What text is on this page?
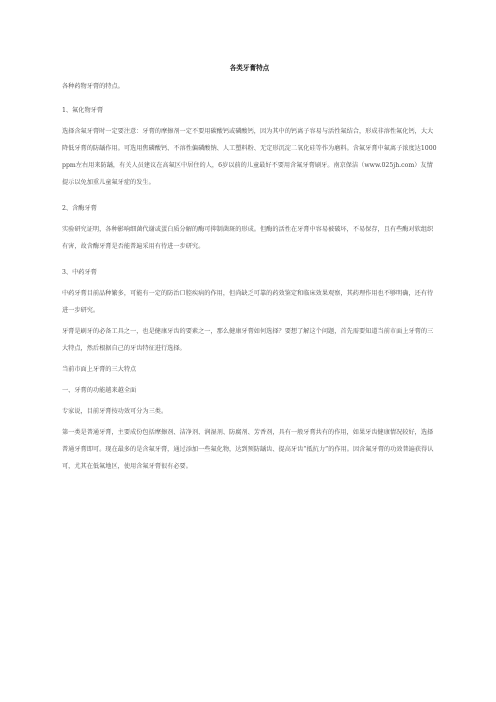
各类牙膏特点

各种药物牙膏的特点。

1、氟化物牙膏

选择含氟牙膏时一定要注意：牙膏的摩擦剂一定不要用碳酸钙或磷酸钙，因为其中的钙离子容易与活性氟结合，形成非溶性氟化钙，大大降低牙膏的防龋作用。可选用焦磷酸钙、不溶性偏磷酸钠、人工塑料粉、无定形沉淀二氧化硅等作为磨料。含氟牙膏中氟离子浓度达1000ppm左右用来防龋，有关人员建议在高氟区中居住的人，6岁以前的儿童最好不要用含氟牙膏刷牙。南京保洁（www.025jh.com）友情提示以免加重儿童氟牙症的发生。

2、含酶牙膏

实验研究证明，各种影响细菌代谢或蛋白质分解的酶可抑制菌斑的形成。但酶的活性在牙膏中容易被破坏，不易保存，且有些酶对软组织有害，故含酶牙膏是否能普遍采用有待进一步研究。

3、中药牙膏

中药牙膏目前品种繁多，可能有一定的防治口腔疾病的作用，但尚缺乏可靠的药效鉴定和临床效果观察，其药理作用也不够明确，还有待进一步研究。

牙膏是刷牙的必备工具之一，也是健康牙齿的要素之一，那么健康牙膏如何选择？要想了解这个问题，首先需要知道当前市面上牙膏的三大特点，然后根据自己的牙齿特征进行选择。

当前市面上牙膏的三大特点

一、牙膏的功能越来越全面

专家说，目前牙膏按功效可分为三类。

第一类是普通牙膏，主要成份包括摩擦剂、洁净剂、润湿剂、防腐剂、芳香剂，具有一般牙膏共有的作用，如果牙齿健康情况较好，选择普通牙膏即可。现在最多的是含氟牙膏，通过添加一些氟化物，达到预防龋齿、提高牙齿“抵抗力”的作用。因含氟牙膏的功效普遍获得认可，尤其在低氟地区，使用含氟牙膏很有必要。
